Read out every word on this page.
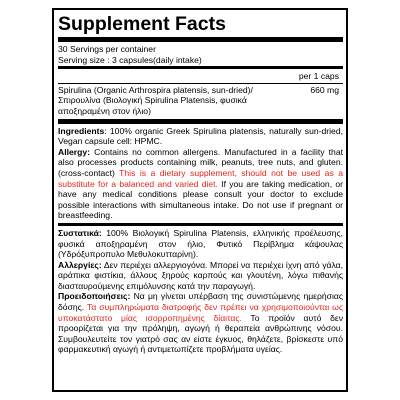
Supplement Facts
30 Servings per container
Serving size : 3 capsules(daily intake)
per 1 caps
Spirulina (Organic Arthrospira platensis, sun-dried)/ Σπιρουλίνα (Βιολογική Spirulina Platensis, φυσικά αποξηραμένη στον ήλιο)
660 mg
Ingredients: 100% organic Greek Spirulina platensis, naturally sun-dried, Vegan capsule cell: HPMC.
Allergy: Contains no common allergens. Manufactured in a facility that also processes products containing milk, peanuts, tree nuts, and gluten. (cross-contact) This is a dietary supplement, should not be used as a substitute for a balanced and varied diet. If you are taking medication, or have any medical conditions please consult your doctor to exclude possible interactions with simultaneous intake. Do not use if pregnant or breastfeeding.
Συστατικά: 100% Βιολογική Spirulina Platensis, ελληνικής προέλευσης, φυσικά αποξηραμένη στον ήλιο, Φυτικό Περίβλημα κάψουλας (Υδρόξυπροπυλο Μεθυλοκυτταρίνη).
Αλλεργίες: Δεν περιέχει αλλεργιογόνα. Μπορεί να περιέχει ίχνη από γάλα, αράπικα φιστίκια, άλλους ξηρούς καρπούς και γλουτένη, λόγω πιθανής διασταυρούμενης επιμόλυνσης κατά την παραγωγή.
Προειδοποιήσεις: Να μη γίνεται υπέρβαση της συνιστώμενης ημερήσιας δόσης. Τα συμπληρώματα διατροφής δεν πρέπει να χρησιμοποιούνται ως υποκατάστατο μίας ισορροπημένης δίαιτας. Το προϊόν αυτό δεν προορίζεται για την πρόληψη, αγωγή ή θεραπεία ανθρώπινης νόσου. Συμβουλευτείτε τον γιατρό σας αν είστε έγκυος, θηλάζετε, βρίσκεστε υπό φαρμακευτική αγωγή ή αντιμετωπίζετε προβλήματα υγείας.
